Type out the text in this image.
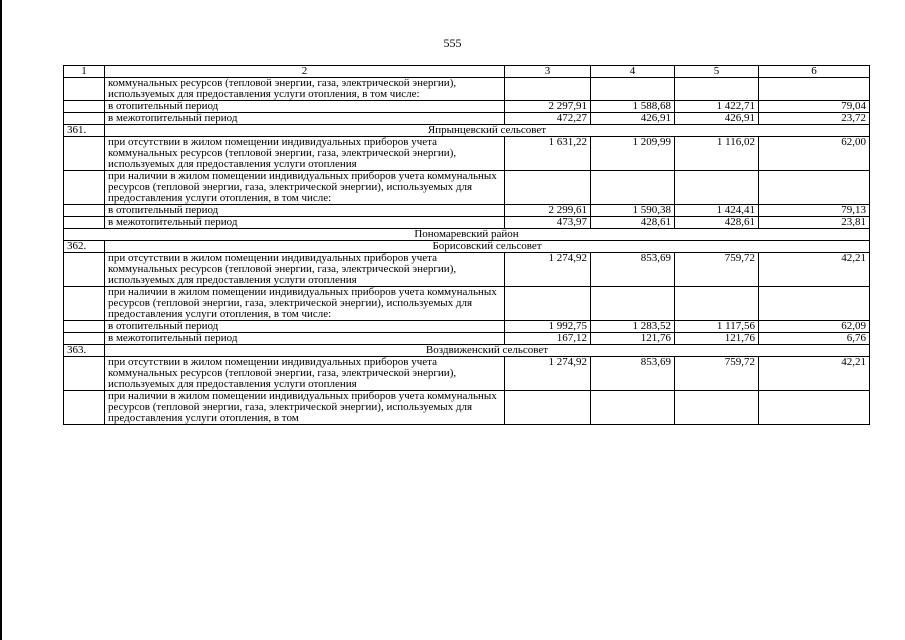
555
1	2	3	4	5	6
	коммунальных ресурсов (тепловой энергии, газа, электрической энергии), используемых для предоставления услуги отопления, в том числе:				
	в отопительный период	2 297,91	1 588,68	1 422,71	79,04
	в межотопительный период	472,27	426,91	426,91	23,72
361.	Япрынцевский сельсовет				
	при отсутствии в жилом помещении индивидуальных приборов учета коммунальных ресурсов (тепловой энергии, газа, электрической энергии), используемых для предоставления услуги отопления	1 631,22	1 209,99	1 116,02	62,00
	при наличии в жилом помещении индивидуальных приборов учета коммунальных ресурсов (тепловой энергии, газа, электрической энергии), используемых для предоставления услуги отопления, в том числе:				
	в отопительный период	2 299,61	1 590,38	1 424,41	79,13
	в межотопительный период	473,97	428,61	428,61	23,81
Пономаревский район					
362.	Борисовский сельсовет				
	при отсутствии в жилом помещении индивидуальных приборов учета коммунальных ресурсов (тепловой энергии, газа, электрической энергии), используемых для предоставления услуги отопления	1 274,92	853,69	759,72	42,21
	при наличии в жилом помещении индивидуальных приборов учета коммунальных ресурсов (тепловой энергии, газа, электрической энергии), используемых для предоставления услуги отопления, в том числе:				
	в отопительный период	1 992,75	1 283,52	1 117,56	62,09
	в межотопительный период	167,12	121,76	121,76	6,76
363.	Воздвиженский сельсовет				
	при отсутствии в жилом помещении индивидуальных приборов учета коммунальных ресурсов (тепловой энергии, газа, электрической энергии), используемых для предоставления услуги отопления	1 274,92	853,69	759,72	42,21
	при наличии в жилом помещении индивидуальных приборов учета коммунальных ресурсов (тепловой энергии, газа, электрической энергии), используемых для предоставления услуги отопления, в том				
